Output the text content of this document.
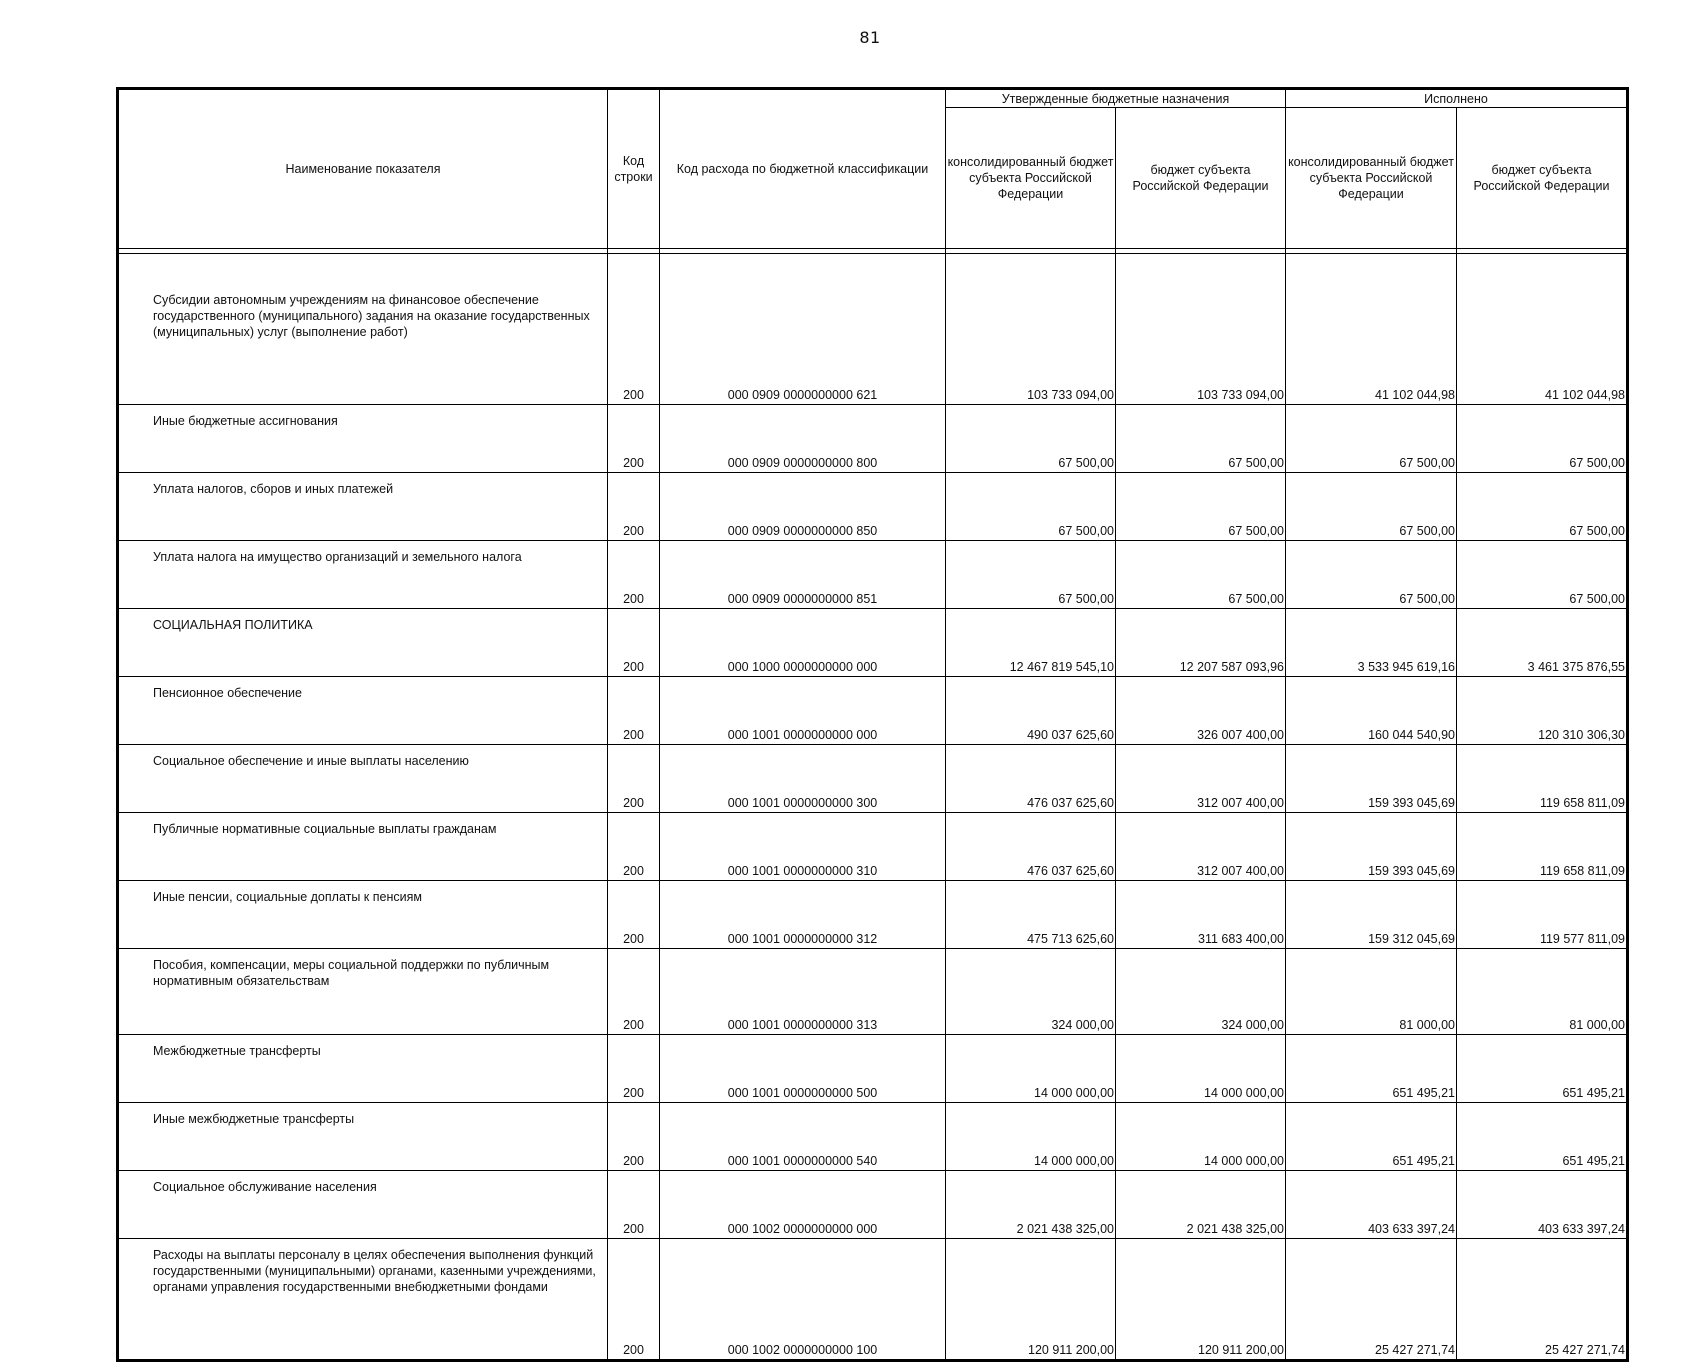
81
Наименование показателя	Код строки	Код расхода по бюджетной классификации	Утвержденные бюджетные назначения		Исполнено	
			консолидированный бюджет субъекта Российской Федерации	бюджет субъекта Российской Федерации	консолидированный бюджет субъекта Российской Федерации	бюджет субъекта Российской Федерации

Субсидии автономным учреждениям на финансовое обеспечение государственного (муниципального) задания на оказание государственных (муниципальных) услуг (выполнение работ)	200	000 0909 0000000000 621	103 733 094,00	103 733 094,00	41 102 044,98	41 102 044,98
Иные бюджетные ассигнования	200	000 0909 0000000000 800	67 500,00	67 500,00	67 500,00	67 500,00
Уплата налогов, сборов и иных платежей	200	000 0909 0000000000 850	67 500,00	67 500,00	67 500,00	67 500,00
Уплата налога на имущество организаций и земельного налога	200	000 0909 0000000000 851	67 500,00	67 500,00	67 500,00	67 500,00
СОЦИАЛЬНАЯ ПОЛИТИКА	200	000 1000 0000000000 000	12 467 819 545,10	12 207 587 093,96	3 533 945 619,16	3 461 375 876,55
Пенсионное обеспечение	200	000 1001 0000000000 000	490 037 625,60	326 007 400,00	160 044 540,90	120 310 306,30
Социальное обеспечение и иные выплаты населению	200	000 1001 0000000000 300	476 037 625,60	312 007 400,00	159 393 045,69	119 658 811,09
Публичные нормативные социальные выплаты гражданам	200	000 1001 0000000000 310	476 037 625,60	312 007 400,00	159 393 045,69	119 658 811,09
Иные пенсии, социальные доплаты к пенсиям	200	000 1001 0000000000 312	475 713 625,60	311 683 400,00	159 312 045,69	119 577 811,09
Пособия, компенсации, меры социальной поддержки по публичным нормативным обязательствам	200	000 1001 0000000000 313	324 000,00	324 000,00	81 000,00	81 000,00
Межбюджетные трансферты	200	000 1001 0000000000 500	14 000 000,00	14 000 000,00	651 495,21	651 495,21
Иные межбюджетные трансферты	200	000 1001 0000000000 540	14 000 000,00	14 000 000,00	651 495,21	651 495,21
Социальное обслуживание населения	200	000 1002 0000000000 000	2 021 438 325,00	2 021 438 325,00	403 633 397,24	403 633 397,24
Расходы на выплаты персоналу в целях обеспечения выполнения функций государственными (муниципальными) органами, казенными учреждениями, органами управления государственными внебюджетными фондами	200	000 1002 0000000000 100	120 911 200,00	120 911 200,00	25 427 271,74	25 427 271,74
